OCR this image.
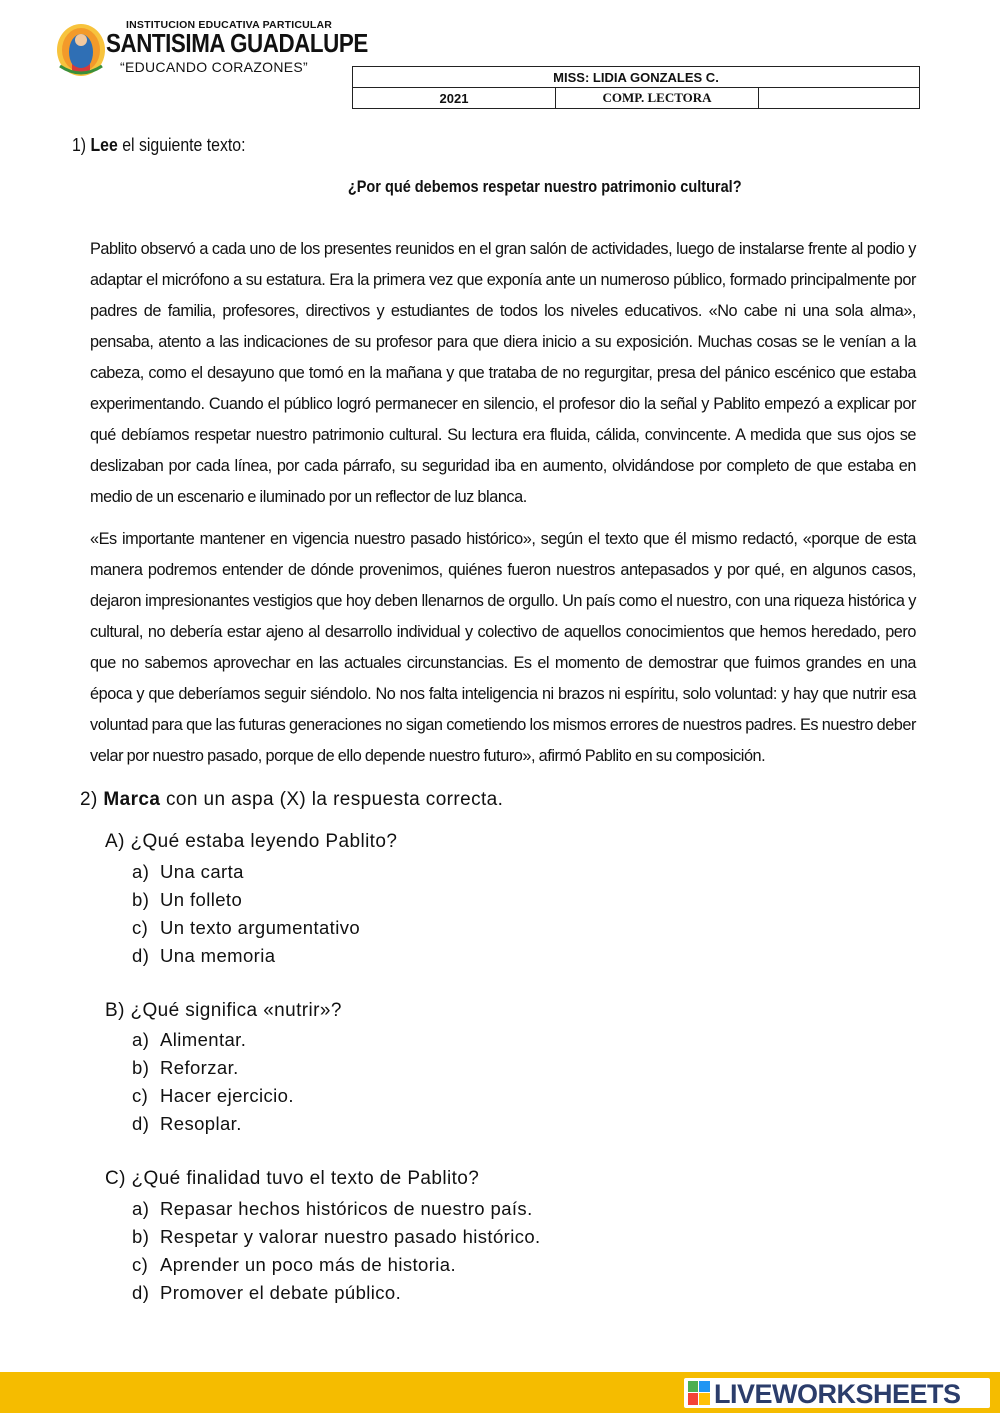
INSTITUCION EDUCATIVA PARTICULAR
SANTISIMA GUADALUPE
“EDUCANDO CORAZONES”
MISS: LIDIA GONZALES C.
2021	COMP. LECTORA	
1) Lee el siguiente texto:
¿Por qué debemos respetar nuestro patrimonio cultural?

Pablito observó a cada uno de los presentes reunidos en el gran salón de actividades, luego de instalarse frente al podio y adaptar el micrófono a su estatura. Era la primera vez que exponía ante un numeroso público, formado principalmente por padres de familia, profesores, directivos y estudiantes de todos los niveles educativos. «No cabe ni una sola alma», pensaba, atento a las indicaciones de su profesor para que diera inicio a su exposición. Muchas cosas se le venían a la cabeza, como el desayuno que tomó en la mañana y que trataba de no regurgitar, presa del pánico escénico que estaba experimentando. Cuando el público logró permanecer en silencio, el profesor dio la señal y Pablito empezó a explicar por qué debíamos respetar nuestro patrimonio cultural. Su lectura era fluida, cálida, convincente. A medida que sus ojos se deslizaban por cada línea, por cada párrafo, su seguridad iba en aumento, olvidándose por completo de que estaba en medio de un escenario e iluminado por un reflector de luz blanca.

«Es importante mantener en vigencia nuestro pasado histórico», según el texto que él mismo redactó, «porque de esta manera podremos entender de dónde provenimos, quiénes fueron nuestros antepasados y por qué, en algunos casos, dejaron impresionantes vestigios que hoy deben llenarnos de orgullo. Un país como el nuestro, con una riqueza histórica y cultural, no debería estar ajeno al desarrollo individual y colectivo de aquellos conocimientos que hemos heredado, pero que no sabemos aprovechar en las actuales circunstancias. Es el momento de demostrar que fuimos grandes en una época y que deberíamos seguir siéndolo. No nos falta inteligencia ni brazos ni espíritu, solo voluntad: y hay que nutrir esa voluntad para que las futuras generaciones no sigan cometiendo los mismos errores de nuestros padres. Es nuestro deber velar por nuestro pasado, porque de ello depende nuestro futuro», afirmó Pablito en su composición.

2) Marca con un aspa (X) la respuesta correcta.
A) ¿Qué estaba leyendo Pablito?
a) Una carta
b) Un folleto
c) Un texto argumentativo
d) Una memoria
B) ¿Qué significa «nutrir»?
a) Alimentar.
b) Reforzar.
c) Hacer ejercicio.
d) Resoplar.
C) ¿Qué finalidad tuvo el texto de Pablito?
a) Repasar hechos históricos de nuestro país.
b) Respetar y valorar nuestro pasado histórico.
c) Aprender un poco más de historia.
d) Promover el debate público.
LIVEWORKSHEETS
